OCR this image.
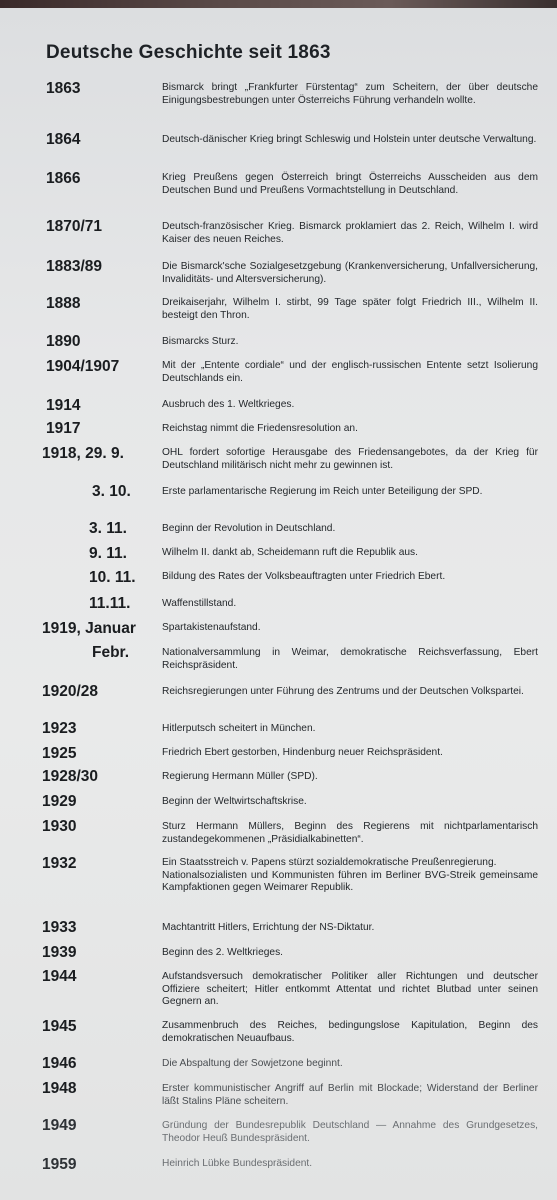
Deutsche Geschichte seit 1863
1863	Bismarck bringt „Frankfurter Fürstentag“ zum Scheitern, der über deutsche Einigungsbestrebungen unter Österreichs Führung verhandeln wollte.
1864	Deutsch-dänischer Krieg bringt Schleswig und Holstein unter deutsche Verwaltung.
1866	Krieg Preußens gegen Österreich bringt Österreichs Ausscheiden aus dem Deutschen Bund und Preußens Vormachtstellung in Deutschland.
1870/71	Deutsch-französischer Krieg. Bismarck proklamiert das 2. Reich, Wilhelm I. wird Kaiser des neuen Reiches.
1883/89	Die Bismarck'sche Sozialgesetzgebung (Krankenversicherung, Unfallversicherung, Invaliditäts- und Altersversicherung).
1888	Dreikaiserjahr, Wilhelm I. stirbt, 99 Tage später folgt Friedrich III., Wilhelm II. besteigt den Thron.
1890	Bismarcks Sturz.
1904/1907	Mit der „Entente cordiale“ und der englisch-russischen Entente setzt Isolierung Deutschlands ein.
1914	Ausbruch des 1. Weltkrieges.
1917	Reichstag nimmt die Friedensresolution an.
1918, 29. 9.	OHL fordert sofortige Herausgabe des Friedensangebotes, da der Krieg für Deutschland militärisch nicht mehr zu gewinnen ist.
3. 10.	Erste parlamentarische Regierung im Reich unter Beteiligung der SPD.
3. 11.	Beginn der Revolution in Deutschland.
9. 11.	Wilhelm II. dankt ab, Scheidemann ruft die Republik aus.
10. 11.	Bildung des Rates der Volksbeauftragten unter Friedrich Ebert.
11.11.	Waffenstillstand.
1919, Januar	Spartakistenaufstand.
Febr.	Nationalversammlung in Weimar, demokratische Reichsverfassung, Ebert Reichspräsident.
1920/28	Reichsregierungen unter Führung des Zentrums und der Deutschen Volkspartei.
1923	Hitlerputsch scheitert in München.
1925	Friedrich Ebert gestorben, Hindenburg neuer Reichspräsident.
1928/30	Regierung Hermann Müller (SPD).
1929	Beginn der Weltwirtschaftskrise.
1930	Sturz Hermann Müllers, Beginn des Regierens mit nichtparlamentarisch zustandegekommenen „Präsidialkabinetten“.
1932	Ein Staatsstreich v. Papens stürzt sozialdemokratische Preußenregierung.
Nationalsozialisten und Kommunisten führen im Berliner BVG-Streik gemeinsame Kampfaktionen gegen Weimarer Republik.
1933	Machtantritt Hitlers, Errichtung der NS-Diktatur.
1939	Beginn des 2. Weltkrieges.
1944	Aufstandsversuch demokratischer Politiker aller Richtungen und deutscher Offiziere scheitert; Hitler entkommt Attentat und richtet Blutbad unter seinen Gegnern an.
1945	Zusammenbruch des Reiches, bedingungslose Kapitulation, Beginn des demokratischen Neuaufbaus.
1946	Die Abspaltung der Sowjetzone beginnt.
1948	Erster kommunistischer Angriff auf Berlin mit Blockade; Widerstand der Berliner läßt Stalins Pläne scheitern.
1949	Gründung der Bundesrepublik Deutschland — Annahme des Grundgesetzes, Theodor Heuß Bundespräsident.
1959	Heinrich Lübke Bundespräsident.
